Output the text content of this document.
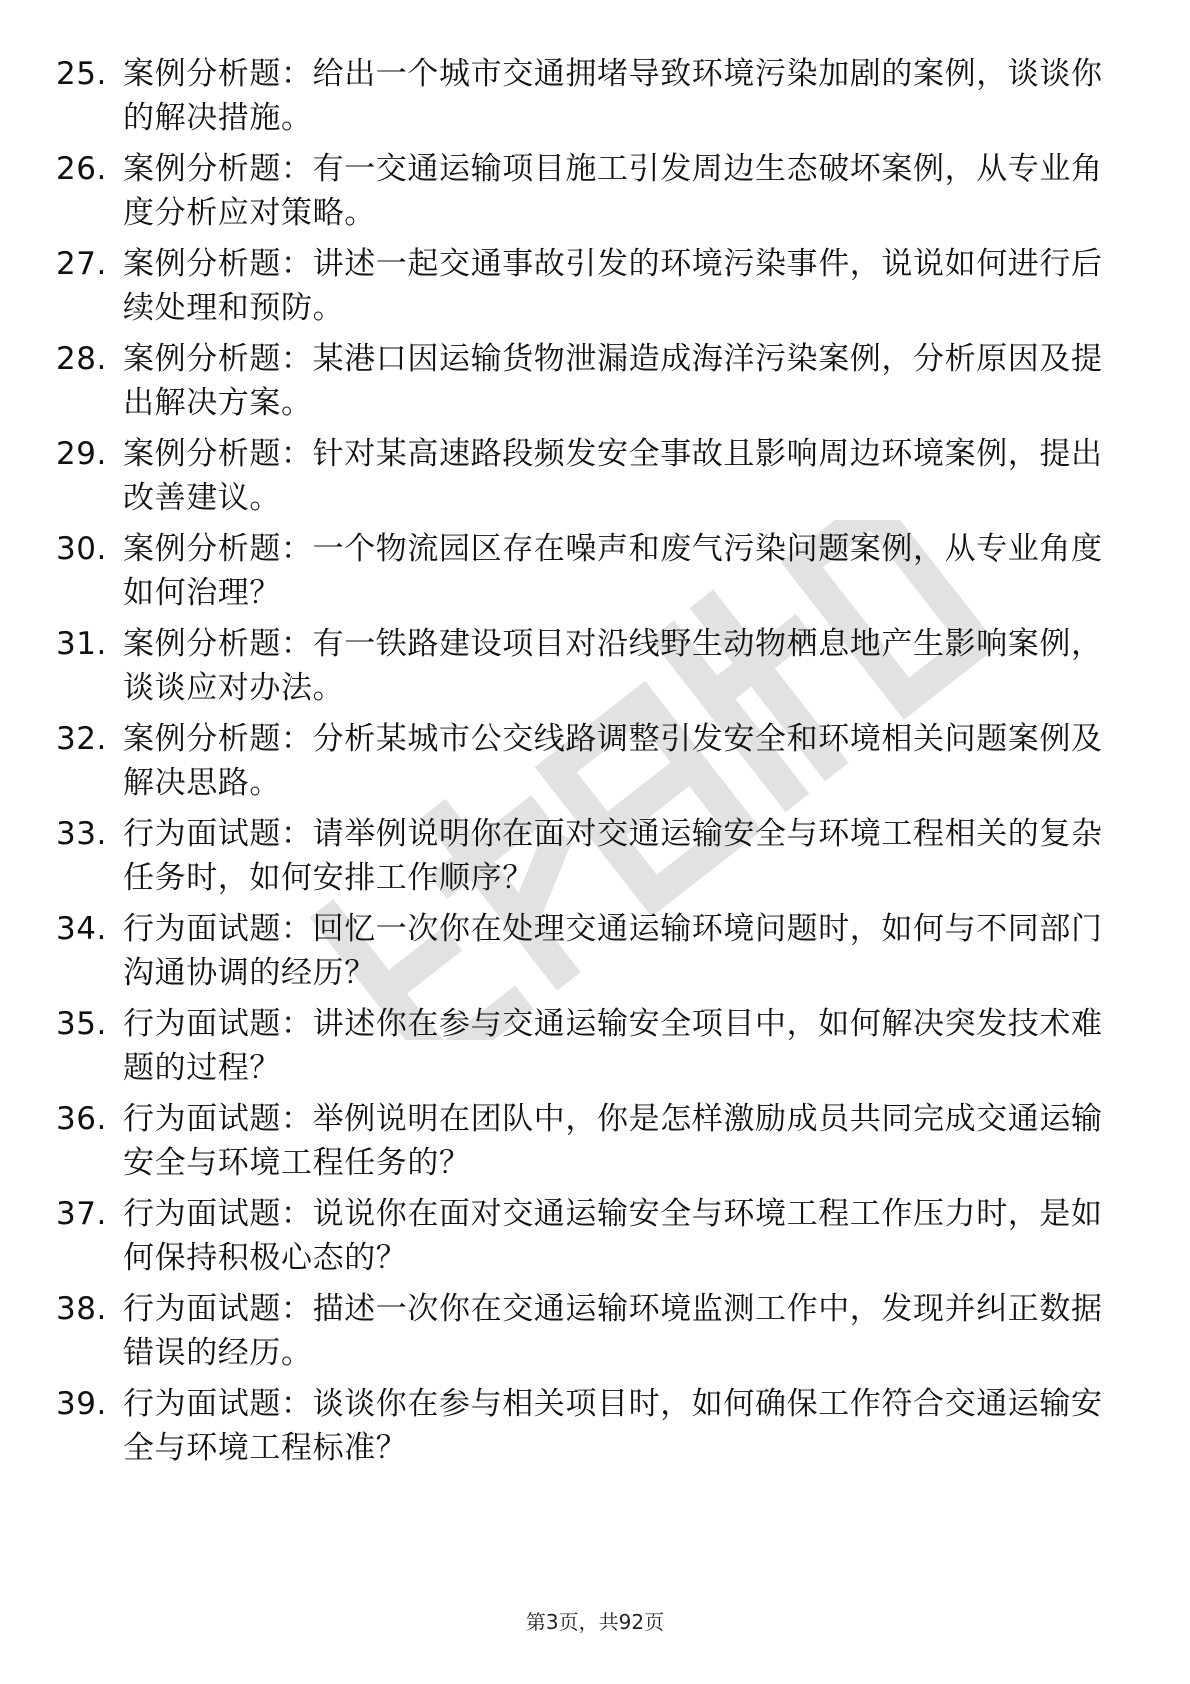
25. 案例分析题：给出一个城市交通拥堵导致环境污染加剧的案例，谈谈你的解决措施。
26. 案例分析题：有一交通运输项目施工引发周边生态破坏案例，从专业角度分析应对策略。
27. 案例分析题：讲述一起交通事故引发的环境污染事件，说说如何进行后续处理和预防。
28. 案例分析题：某港口因运输货物泄漏造成海洋污染案例，分析原因及提出解决方案。
29. 案例分析题：针对某高速路段频发安全事故且影响周边环境案例，提出改善建议。
30. 案例分析题：一个物流园区存在噪声和废气污染问题案例，从专业角度如何治理？
31. 案例分析题：有一铁路建设项目对沿线野生动物栖息地产生影响案例，谈谈应对办法。
32. 案例分析题：分析某城市公交线路调整引发安全和环境相关问题案例及解决思路。
33. 行为面试题：请举例说明你在面对交通运输安全与环境工程相关的复杂任务时，如何安排工作顺序？
34. 行为面试题：回忆一次你在处理交通运输环境问题时，如何与不同部门沟通协调的经历？
35. 行为面试题：讲述你在参与交通运输安全项目中，如何解决突发技术难题的过程？
36. 行为面试题：举例说明在团队中，你是怎样激励成员共同完成交通运输安全与环境工程任务的？
37. 行为面试题：说说你在面对交通运输安全与环境工程工作压力时，是如何保持积极心态的？
38. 行为面试题：描述一次你在交通运输环境监测工作中，发现并纠正数据错误的经历。
39. 行为面试题：谈谈你在参与相关项目时，如何确保工作符合交通运输安全与环境工程标准？
第3页，共92页
